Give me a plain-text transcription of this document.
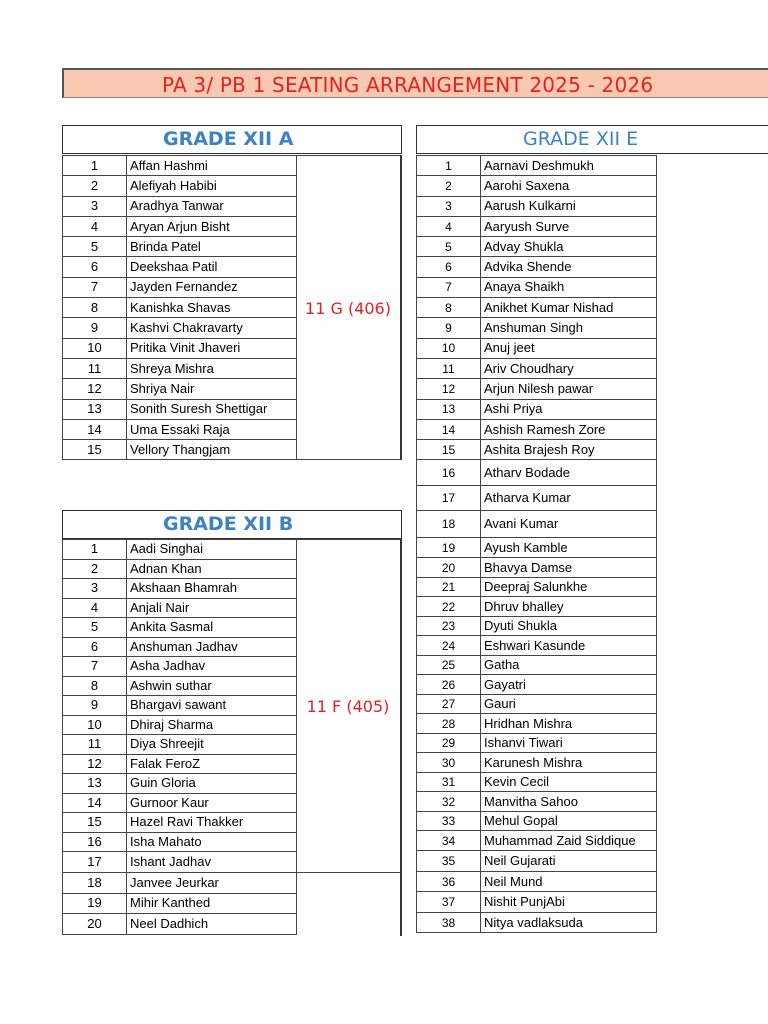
PA 3/ PB 1 SEATING ARRANGEMENT 2025 - 2026
GRADE XII A
1	Affan Hashmi
2	Alefiyah Habibi
3	Aradhya Tanwar
4	Aryan Arjun Bisht
5	Brinda Patel
6	Deekshaa Patil
7	Jayden Fernandez
8	Kanishka Shavas
9	Kashvi Chakravarty
10	Pritika Vinit Jhaveri
11	Shreya Mishra
12	Shriya Nair
13	Sonith Suresh Shettigar
14	Uma Essaki Raja
15	Vellory Thangjam
11 G (406)
GRADE XII B
1	Aadi Singhai
2	Adnan Khan
3	Akshaan Bhamrah
4	Anjali Nair
5	Ankita Sasmal
6	Anshuman Jadhav
7	Asha Jadhav
8	Ashwin suthar
9	Bhargavi sawant
10	Dhiraj Sharma
11	Diya Shreejit
12	Falak FeroZ
13	Guin Gloria
14	Gurnoor Kaur
15	Hazel Ravi Thakker
16	Isha Mahato
17	Ishant Jadhav
18	Janvee Jeurkar
19	Mihir Kanthed
20	Neel Dadhich
11 F (405)
GRADE XII E
1	Aarnavi Deshmukh
2	Aarohi Saxena
3	Aarush Kulkarni
4	Aaryush Surve
5	Advay Shukla
6	Advika Shende
7	Anaya Shaikh
8	Anikhet Kumar Nishad
9	Anshuman Singh
10	Anuj jeet
11	Ariv Choudhary
12	Arjun Nilesh pawar
13	Ashi Priya
14	Ashish Ramesh Zore
15	Ashita Brajesh Roy
16	Atharv Bodade
17	Atharva Kumar
18	Avani Kumar
19	Ayush Kamble
20	Bhavya Damse
21	Deepraj Salunkhe
22	Dhruv bhalley
23	Dyuti Shukla
24	Eshwari Kasunde
25	Gatha
26	Gayatri
27	Gauri
28	Hridhan Mishra
29	Ishanvi Tiwari
30	Karunesh Mishra
31	Kevin Cecil
32	Manvitha Sahoo
33	Mehul Gopal
34	Muhammad Zaid Siddique
35	Neil Gujarati
36	Neil Mund
37	Nishit PunjAbi
38	Nitya vadlaksuda
